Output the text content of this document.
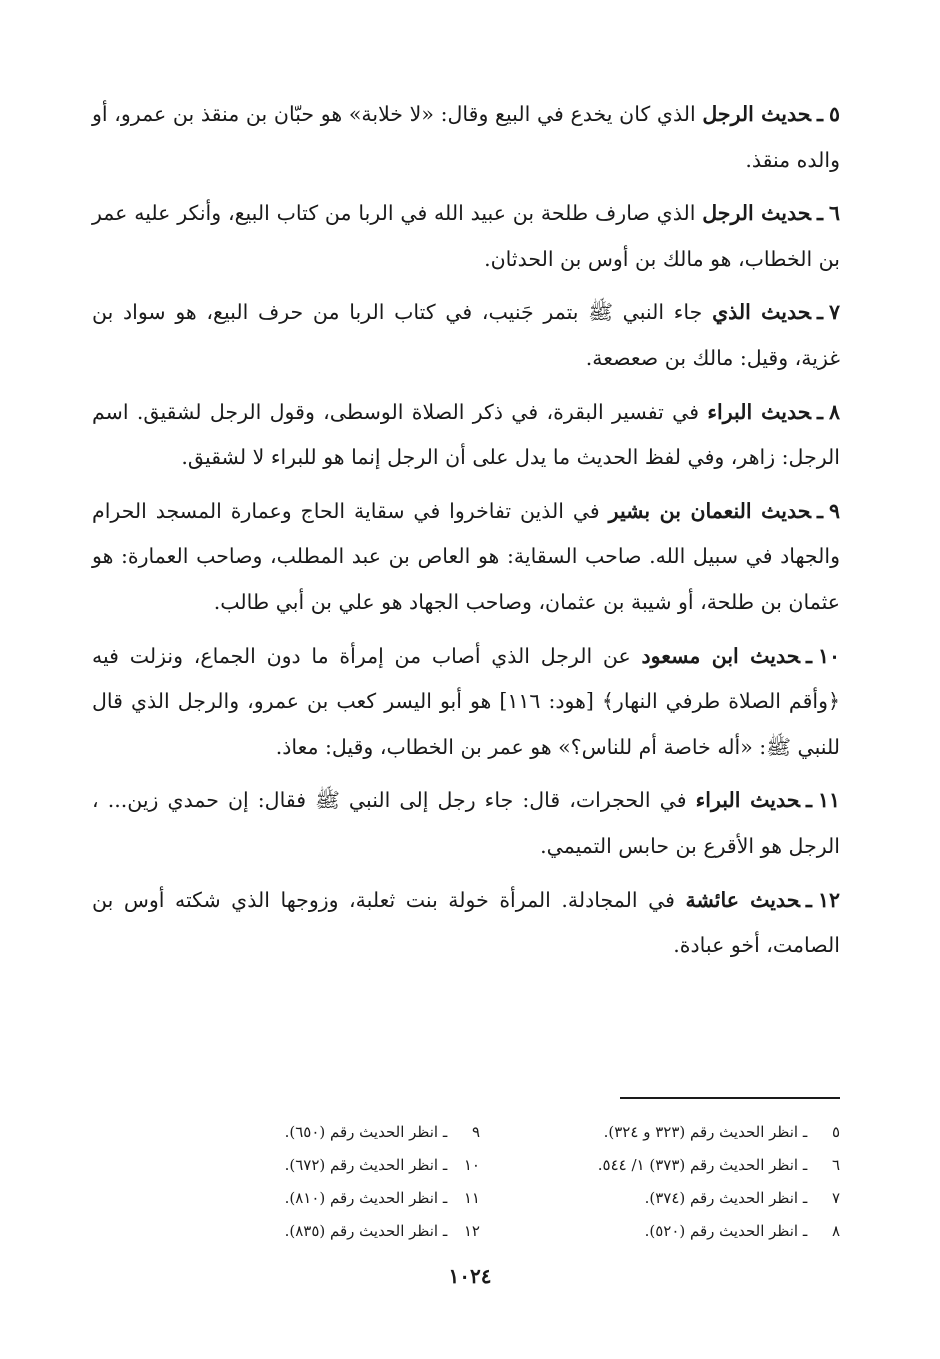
٥ـحديث الرجل الذي كان يخدع في البيع وقال: «لا خلابة» هو حبّان بن منقذ بن عمرو، أو والده منقذ.

٦ـحديث الرجل الذي صارف طلحة بن عبيد الله في الربا من كتاب البيع، وأنكر عليه عمر بن الخطاب، هو مالك بن أوس بن الحدثان.

٧ـحديث الذي جاء النبي ﷺ بتمر جَنيب، في كتاب الربا من حرف البيع، هو سواد بن غزية، وقيل: مالك بن صعصعة.

٨ـحديث البراء في تفسير البقرة، في ذكر الصلاة الوسطى، وقول الرجل لشقيق. اسم الرجل: زاهر، وفي لفظ الحديث ما يدل على أن الرجل إنما هو للبراء لا لشقيق.

٩ـحديث النعمان بن بشير في الذين تفاخروا في سقاية الحاج وعمارة المسجد الحرام والجهاد في سبيل الله. صاحب السقاية: هو العاص بن عبد المطلب، وصاحب العمارة: هو عثمان بن طلحة، أو شيبة بن عثمان، وصاحب الجهاد هو علي بن أبي طالب.

١٠ـحديث ابن مسعود عن الرجل الذي أصاب من إمرأة ما دون الجماع، ونزلت فيه ﴿وأقم الصلاة طرفي النهار﴾ [هود: ١١٦] هو أبو اليسر كعب بن عمرو، والرجل الذي قال للنبي ﷺ: «أله خاصة أم للناس؟» هو عمر بن الخطاب، وقيل: معاذ.

١١ـحديث البراء في الحجرات، قال: جاء رجل إلى النبي ﷺ فقال: إن حمدي زين... ، الرجل هو الأقرع بن حابس التميمي.

١٢ـحديث عائشة في المجادلة. المرأة خولة بنت ثعلبة، وزوجها الذي شكته أوس بن الصامت، أخو عبادة.

٥ ـ انظر الحديث رقم (٣٢٣ و ٣٢٤).
٦ ـ انظر الحديث رقم (٣٧٣) ١/ ٥٤٤.
٧ ـ انظر الحديث رقم (٣٧٤).
٨ ـ انظر الحديث رقم (٥٢٠).
٩ ـ انظر الحديث رقم (٦٥٠).
١٠ ـ انظر الحديث رقم (٦٧٢).
١١ ـ انظر الحديث رقم (٨١٠).
١٢ ـ انظر الحديث رقم (٨٣٥).
١٠٢٤
